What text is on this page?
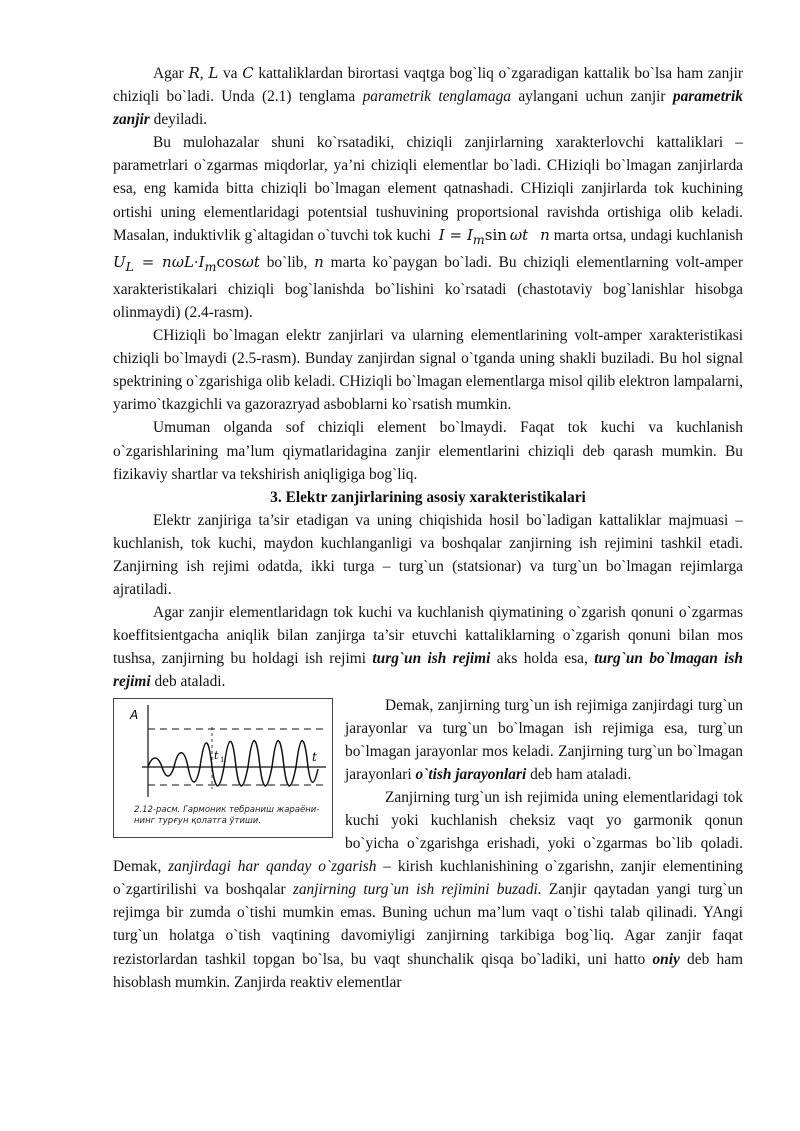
Agar R, L va C kattaliklardan birortasi vaqtga bog`liq o`zgaradigan kattalik bo`lsa ham zanjir chiziqli bo`ladi. Unda (2.1) tenglama parametrik tenglamaga aylangani uchun zanjir parametrik zanjir deyiladi.

Bu mulohazalar shuni ko`rsatadiki, chiziqli zanjirlarning xarakterlovchi kattaliklari – parametrlari o`zgarmas miqdorlar, ya’ni chiziqli elementlar bo`ladi. CHiziqli bo`lmagan zanjirlarda esa, eng kamida bitta chiziqli bo`lmagan element qatnashadi. CHiziqli zanjirlarda tok kuchining ortishi uning elementlaridagi potentsial tushuvining proportsional ravishda ortishiga olib keladi. Masalan, induktivlik g`altagidan o`tuvchi tok kuchi  $I = I_m\sin$  ωt n marta ortsa, undagi kuchlanish $U_L = n\omega L\cdot I_m\cos\omega t$ bo`lib, n marta ko`paygan bo`ladi. Bu chiziqli elementlarning volt-amper xarakteristikalari chiziqli bog`lanishda bo`lishini ko`rsatadi (chastotaviy bog`lanishlar hisobga olinmaydi) (2.4-rasm).

CHiziqli bo`lmagan elektr zanjirlari va ularning elementlarining volt-amper xarakteristikasi chiziqli bo`lmaydi (2.5-rasm). Bunday zanjirdan signal o`tganda uning shakli buziladi. Bu hol signal spektrining o`zgarishiga olib keladi. CHiziqli bo`lmagan elementlarga misol qilib elektron lampalarni, yarimo`tkazgichli va gazorazryad asboblarni ko`rsatish mumkin.

Umuman olganda sof chiziqli element bo`lmaydi. Faqat tok kuchi va kuchlanish o`zgarishlarining ma’lum qiymatlaridagina zanjir elementlarini chiziqli deb qarash mumkin. Bu fizikaviy shartlar va tekshirish aniqligiga bog`liq.

3. Elektr zanjirlarining asosiy xarakteristikalari

Elektr zanjiriga ta’sir etadigan va uning chiqishida hosil bo`ladigan kattaliklar majmuasi – kuchlanish, tok kuchi, maydon kuchlanganligi va boshqalar zanjirning ish rejimini tashkil etadi. Zanjirning ish rejimi odatda, ikki turga – turg`un (statsionar) va turg`un bo`lmagan rejimlarga ajratiladi.

Agar zanjir elementlaridagn tok kuchi va kuchlanish qiymatining o`zgarish qonuni o`zgarmas koeffitsientgacha aniqlik bilan zanjirga ta’sir etuvchi kattaliklarning o`zgarish qonuni bilan mos tushsa, zanjirning bu holdagi ish rejimi turg`un ish rejimi aks holda esa, turg`un bo`lmagan ish rejimi deb ataladi.

A
t 1	t
2.12-расм. Гармоник тебраниш жараёни-нинг турғун қолатга ўтиши.

Demak, zanjirning turg`un ish rejimiga zanjirdagi turg`un jarayonlar va turg`un bo`lmagan ish rejimiga esa, turg`un bo`lmagan jarayonlar mos keladi. Zanjirning turg`un bo`lmagan jarayonlari o`tish jarayonlari deb ham ataladi.

Zanjirning turg`un ish rejimida uning elementlaridagi tok kuchi yoki kuchlanish cheksiz vaqt yo garmonik qonun bo`yicha o`zgarishga erishadi, yoki o`zgarmas bo`lib qoladi. Demak, zanjirdagi har qanday o`zgarish – kirish kuchlanishining o`zgarishn, zanjir elementining o`zgartirilishi va boshqalar zanjirning turg`un ish rejimini buzadi. Zanjir qaytadan yangi turg`un rejimga bir zumda o`tishi mumkin emas. Buning uchun ma’lum vaqt o`tishi talab qilinadi. YAngi turg`un holatga o`tish vaqtining davomiyligi zanjirning tarkibiga bog`liq. Agar zanjir faqat rezistorlardan tashkil topgan bo`lsa, bu vaqt shunchalik qisqa bo`ladiki, uni hatto oniy deb ham hisoblash mumkin. Zanjirda reaktiv elementlar
